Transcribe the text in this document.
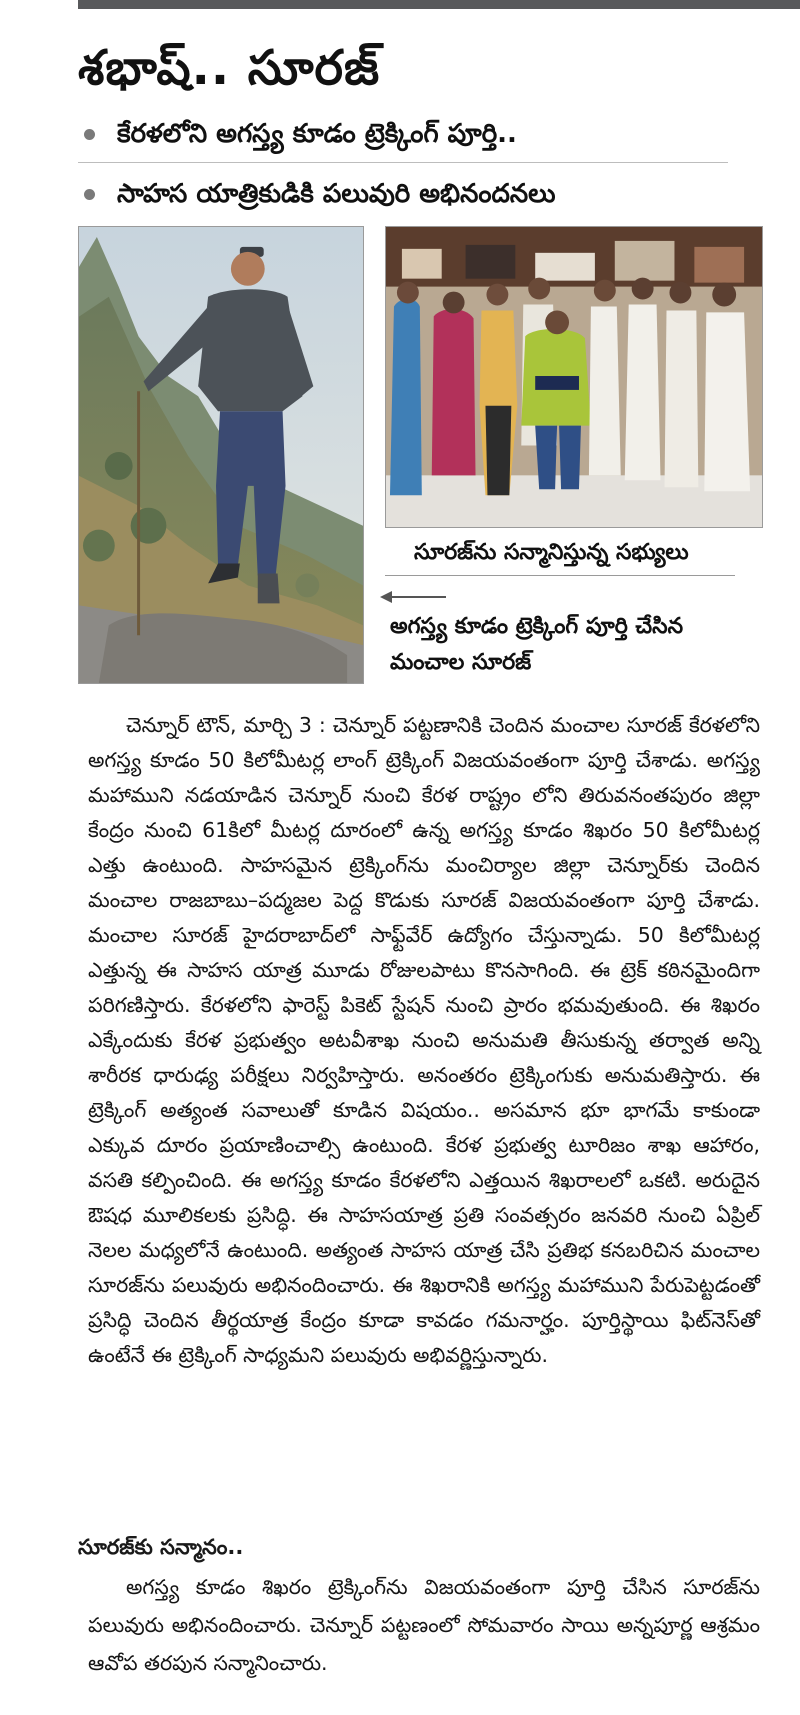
శభాష్‌.. సూరజ్‌
కేరళలోని అగస్త్య కూడం ట్రెక్కింగ్‌ పూర్తి..
సాహస యాత్రికుడికి పలువురి అభినందనలు
సూరజ్‌ను సన్మానిస్తున్న సభ్యులు
అగస్త్య కూడం ట్రెక్కింగ్‌ పూర్తి చేసిన
మంచాల సూరజ్‌

చెన్నూర్‌ టౌన్‌, మార్చి 3 : చెన్నూర్‌ పట్టణానికి చెందిన మంచాల సూరజ్‌ కేరళలోని అగస్త్య కూడం 50 కిలోమీటర్ల లాంగ్‌ ట్రెక్కింగ్‌ విజయవంతంగా పూర్తి చేశాడు. అగస్త్య మహాముని నడయాడిన చెన్నూర్‌ నుంచి కేరళ రాష్ట్రం లోని తిరువనంతపురం జిల్లా కేంద్రం నుంచి 61కిలో మీటర్ల దూరంలో ఉన్న అగస్త్య కూడం శిఖరం 50 కిలోమీటర్ల ఎత్తు ఉంటుంది. సాహసమైన ట్రెక్కింగ్‌ను మంచిర్యాల జిల్లా చెన్నూర్‌కు చెందిన మంచాల రాజబాబు–పద్మజల పెద్ద కొడుకు సూరజ్‌ విజయవంతంగా పూర్తి చేశాడు. మంచాల సూరజ్‌ హైదరాబాద్‌లో సాఫ్ట్‌వేర్‌ ఉద్యోగం చేస్తున్నాడు. 50 కిలోమీటర్ల ఎత్తున్న ఈ సాహస యాత్ర మూడు రోజులపాటు కొనసాగింది. ఈ ట్రెక్‌ కఠినమైందిగా పరిగణిస్తారు. కేరళలోని ఫారెస్ట్‌ పికెట్‌ స్టేషన్‌ నుంచి ప్రారం భమవుతుంది. ఈ శిఖరం ఎక్కేందుకు కేరళ ప్రభుత్వం అటవీశాఖ నుంచి అనుమతి తీసుకున్న తర్వాత అన్ని శారీరక ధారుఢ్య పరీక్షలు నిర్వహిస్తారు. అనంతరం ట్రెక్కింగుకు అనుమతిస్తారు. ఈ ట్రెక్కింగ్‌ అత్యంత సవాలుతో కూడిన విషయం.. అసమాన భూ భాగమే కాకుండా ఎక్కువ దూరం ప్రయాణించాల్సి ఉంటుంది. కేరళ ప్రభుత్వ టూరిజం శాఖ ఆహారం, వసతి కల్పించింది. ఈ అగస్త్య కూడం కేరళలోని ఎత్తయిన శిఖరాలలో ఒకటి. అరుదైన ఔషధ మూలికలకు ప్రసిద్ధి. ఈ సాహసయాత్ర ప్రతి సంవత్సరం జనవరి నుంచి ఏప్రిల్‌ నెలల మధ్యలోనే ఉంటుంది. అత్యంత సాహస యాత్ర చేసి ప్రతిభ కనబరిచిన మంచాల సూరజ్‌ను పలువురు అభినందించారు. ఈ శిఖరానికి అగస్త్య మహాముని పేరుపెట్టడంతో ప్రసిద్ధి చెందిన తీర్థయాత్ర కేంద్రం కూడా కావడం గమనార్హం. పూర్తిస్థాయి ఫిట్‌నెస్‌తో ఉంటేనే ఈ ట్రెక్కింగ్‌ సాధ్యమని పలువురు అభివర్ణిస్తున్నారు.

సూరజ్‌కు సన్మానం..

అగస్త్య కూడం శిఖరం ట్రెక్కింగ్‌ను విజయవంతంగా పూర్తి చేసిన సూరజ్‌ను పలువురు అభినందించారు. చెన్నూర్‌ పట్టణంలో సోమవారం సాయి అన్నపూర్ణ ఆశ్రమం ఆవోప తరపున సన్మానించారు.
